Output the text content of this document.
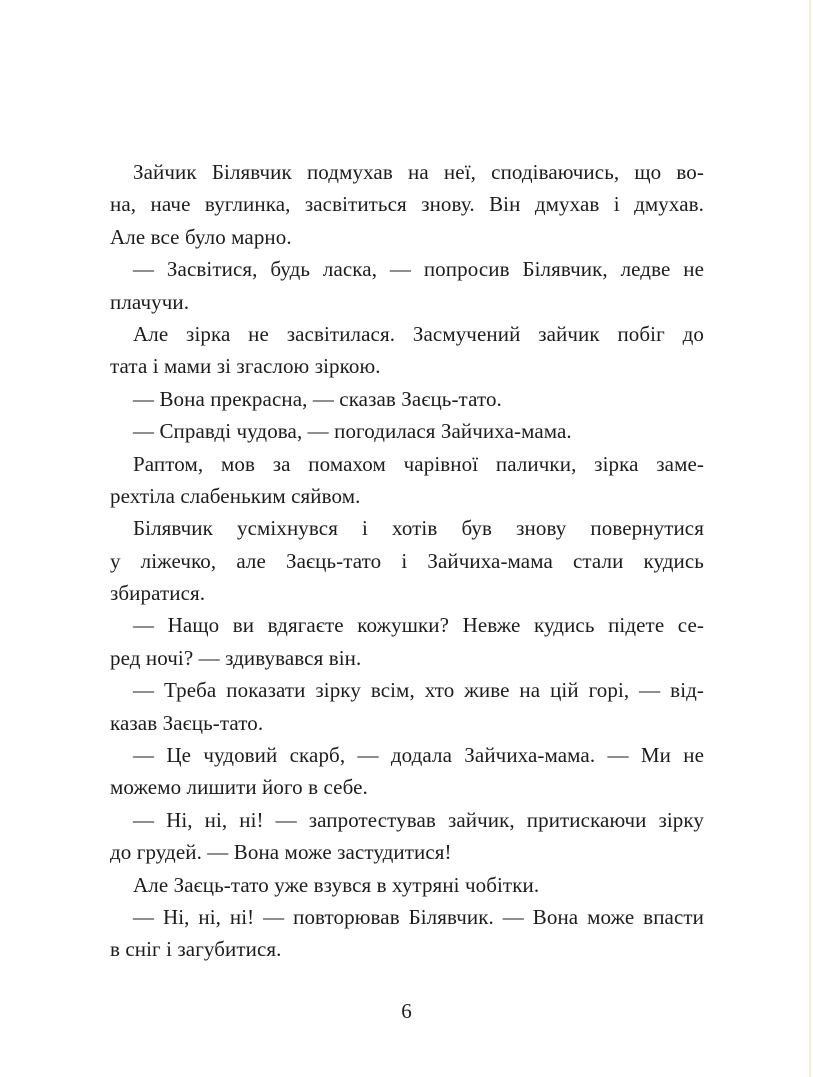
Зайчик Білявчик подмухав на неї, сподіваючись, що во-
на, наче вуглинка, засвітиться знову. Він дмухав і дмухав.
Але все було марно.
— Засвітися, будь ласка, — попросив Білявчик, ледве не
плачучи.
Але зірка не засвітилася. Засмучений зайчик побіг до
тата і мами зі згаслою зіркою.
— Вона прекрасна, — сказав Заєць-тато.
— Справді чудова, — погодилася Зайчиха-мама.
Раптом, мов за помахом чарівної палички, зірка заме-
рехтіла слабеньким сяйвом.
Білявчик усміхнувся і хотів був знову повернутися
у ліжечко, але Заєць-тато і Зайчиха-мама стали кудись
збиратися.
— Нащо ви вдягаєте кожушки? Невже кудись підете се-
ред ночі? — здивувався він.
— Треба показати зірку всім, хто живе на цій горі, — від-
казав Заєць-тато.
— Це чудовий скарб, — додала Зайчиха-мама. — Ми не
можемо лишити його в себе.
— Ні, ні, ні! — запротестував зайчик, притискаючи зірку
до грудей. — Вона може застудитися!
Але Заєць-тато уже взувся в хутряні чобітки.
— Ні, ні, ні! — повторював Білявчик. — Вона може впасти
в сніг і загубитися.
6
